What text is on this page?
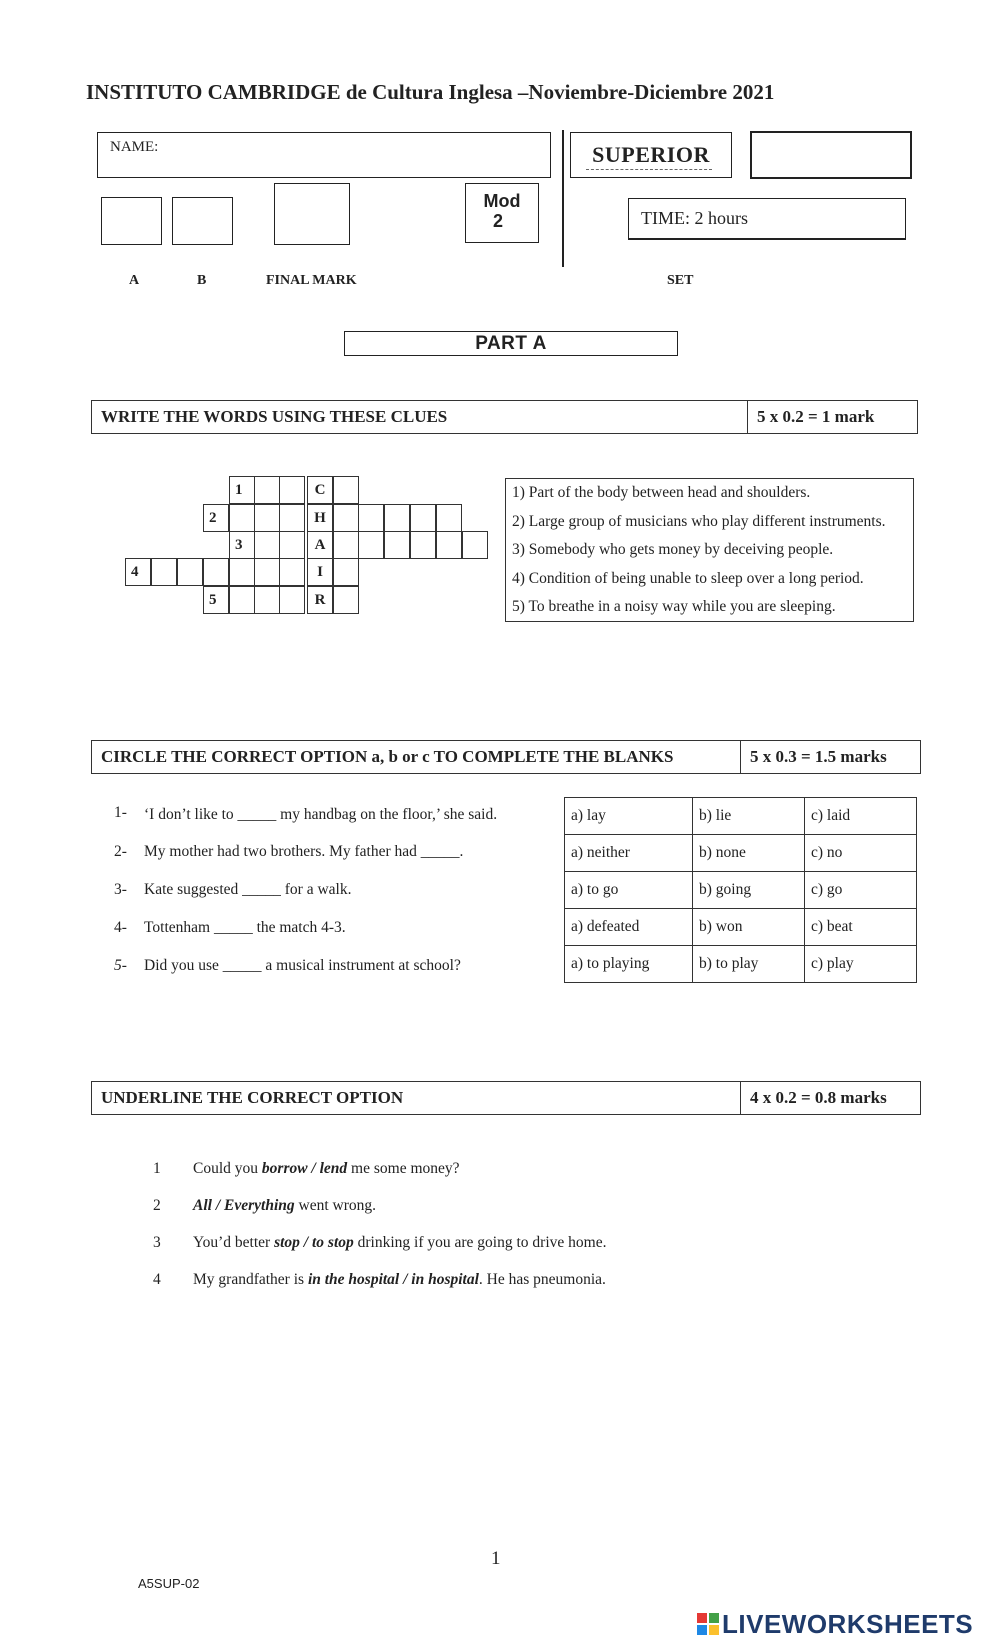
INSTITUTO CAMBRIDGE de Cultura Inglesa –Noviembre-Diciembre 2021
NAME:	SUPERIOR
Mod
2	TIME: 2 hours
A	B	FINAL MARK	SET
PART A
WRITE THE WORDS USING THESE CLUES	5 x 0.2 = 1 mark
1	C
2	H
3	A
4	I
5	R
1) Part of the body between head and shoulders.
2) Large group of musicians who play different instruments.
3) Somebody who gets money by deceiving people.
4) Condition of being unable to sleep over a long period.
5) To breathe in a noisy way while you are sleeping.
CIRCLE THE CORRECT OPTION a, b or c TO COMPLETE THE BLANKS	5 x 0.3 = 1.5 marks
1- ‘I don’t like to _____ my handbag on the floor,’ she said.
2- My mother had two brothers. My father had _____.
3- Kate suggested _____ for a walk.
4- Tottenham _____ the match 4-3.
5- Did you use _____ a musical instrument at school?
a) lay	b) lie	c) laid
a) neither	b) none	c) no
a) to go	b) going	c) go
a) defeated	b) won	c) beat
a) to playing	b) to play	c) play
UNDERLINE THE CORRECT OPTION	4 x 0.2 = 0.8 marks
1 Could you borrow / lend me some money?
2 All / Everything went wrong.
3 You’d better stop / to stop drinking if you are going to drive home.
4 My grandfather is in the hospital / in hospital. He has pneumonia.
1
A5SUP-02
LIVEWORKSHEETS
